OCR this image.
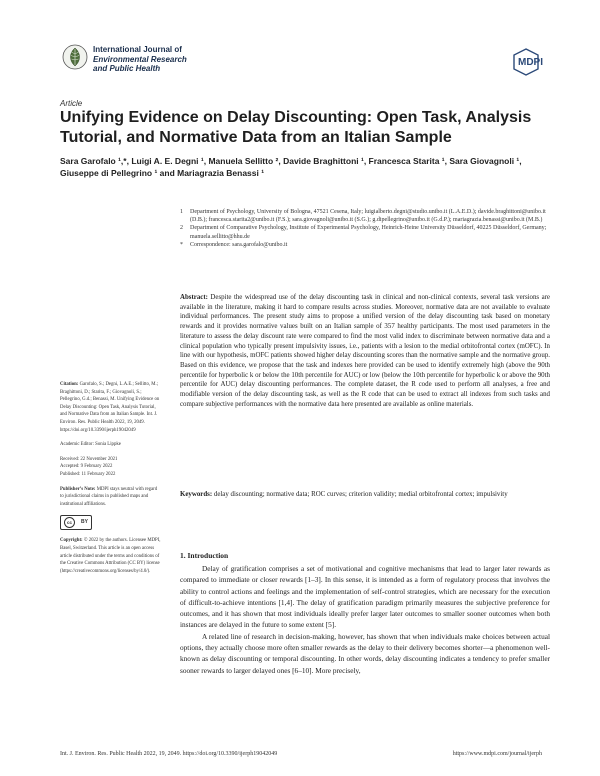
International Journal of
Environmental Research
and Public Health
MDPI
Article
Unifying Evidence on Delay Discounting: Open Task, Analysis Tutorial, and Normative Data from an Italian Sample
Sara Garofalo ¹,*, Luigi A. E. Degni ¹, Manuela Sellitto ², Davide Braghittoni ¹, Francesca Starita ¹, Sara Giovagnoli ¹, Giuseppe di Pellegrino ¹ and Mariagrazia Benassi ¹
1	Department of Psychology, University of Bologna, 47521 Cesena, Italy; luigialberto.degni@studio.unibo.it (L.A.E.D.); davide.braghittoni@unibo.it (D.B.); francesca.starita2@unibo.it (F.S.); sara.giovagnoli@unibo.it (S.G.); g.dipellegrino@unibo.it (G.d.P.); mariagrazia.benassi@unibo.it (M.B.)
2	Department of Comparative Psychology, Institute of Experimental Psychology, Heinrich-Heine University Düsseldorf, 40225 Düsseldorf, Germany; manuela.sellitto@hhu.de
*	Correspondence: sara.garofalo@unibo.it
Abstract: Despite the widespread use of the delay discounting task in clinical and non-clinical contexts, several task versions are available in the literature, making it hard to compare results across studies. Moreover, normative data are not available to evaluate individual performances. The present study aims to propose a unified version of the delay discounting task based on monetary rewards and it provides normative values built on an Italian sample of 357 healthy participants. The most used parameters in the literature to assess the delay discount rate were compared to find the most valid index to discriminate between normative data and a clinical population who typically present impulsivity issues, i.e., patients with a lesion to the medial orbitofrontal cortex (mOFC). In line with our hypothesis, mOFC patients showed higher delay discounting scores than the normative sample and the normative group. Based on this evidence, we propose that the task and indexes here provided can be used to identify extremely high (above the 90th percentile for hyperbolic k or below the 10th percentile for AUC) or low (below the 10th percentile for hyperbolic k or above the 90th percentile for AUC) delay discounting performances. The complete dataset, the R code used to perform all analyses, a free and modifiable version of the delay discounting task, as well as the R code that can be used to extract all indexes from such tasks and compare subjective performances with the normative data here presented are available as online materials.
Keywords: delay discounting; normative data; ROC curves; criterion validity; medial orbitofrontal cortex; impulsivity

Citation: Garofalo, S.; Degni, L.A.E.; Sellitto, M.; Braghittoni, D.; Starita, F.; Giovagnoli, S.; Pellegrino, G.d.; Benassi, M. Unifying Evidence on Delay Discounting: Open Task, Analysis Tutorial, and Normative Data from an Italian Sample. Int. J. Environ. Res. Public Health 2022, 19, 2049. https://doi.org/10.3390/ijerph19042049

Academic Editor: Sonia Lippke

Received: 22 November 2021

Accepted: 9 February 2022

Published: 11 February 2022

Publisher’s Note: MDPI stays neutral with regard to jurisdictional claims in published maps and institutional affiliations.

cc	BY

Copyright: © 2022 by the authors. Licensee MDPI, Basel, Switzerland. This article is an open access article distributed under the terms and conditions of the Creative Commons Attribution (CC BY) license (https://creativecommons.org/licenses/by/4.0/).

1. Introduction

Delay of gratification comprises a set of motivational and cognitive mechanisms that lead to larger later rewards as compared to immediate or closer rewards [1–3]. In this sense, it is intended as a form of regulatory process that involves the ability to control actions and feelings and the implementation of self-control strategies, which are necessary for the execution of difficult-to-achieve intentions [1,4]. The delay of gratification paradigm primarily measures the subjective preference for outcomes, and it has shown that most individuals ideally prefer larger later outcomes to smaller sooner outcomes when both instances are delayed in the future to some extent [5].

A related line of research in decision-making, however, has shown that when individuals make choices between actual options, they actually choose more often smaller rewards as the delay to their delivery becomes shorter—a phenomenon well-known as delay discounting or temporal discounting. In other words, delay discounting indicates a tendency to prefer smaller sooner rewards to larger delayed ones [6–10]. More precisely,

Int. J. Environ. Res. Public Health 2022, 19, 2049. https://doi.org/10.3390/ijerph19042049	https://www.mdpi.com/journal/ijerph
